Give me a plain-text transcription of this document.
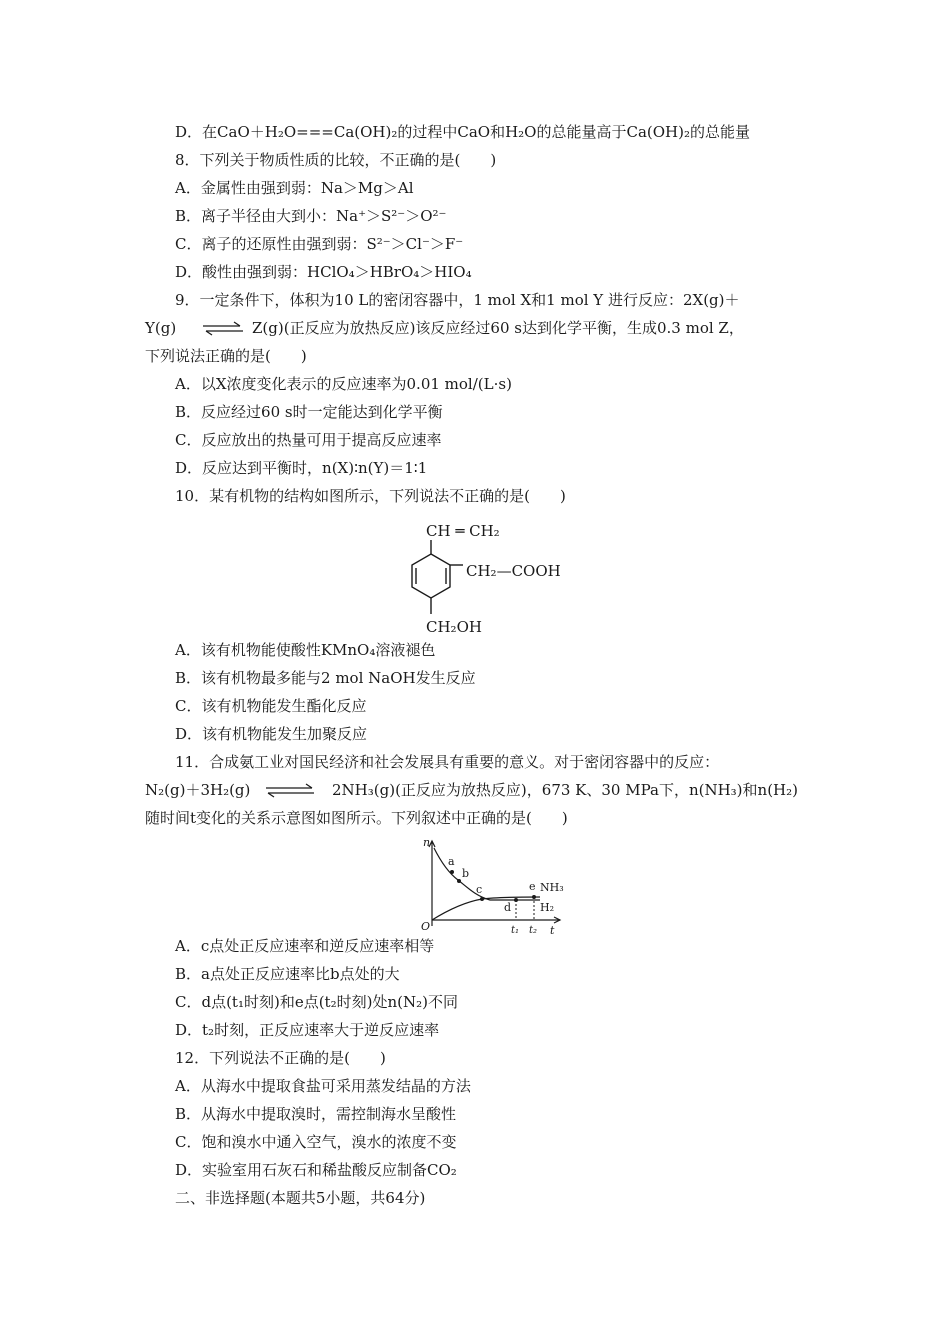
D．在CaO＋H₂O===Ca(OH)₂的过程中CaO和H₂O的总能量高于Ca(OH)₂的总能量
8．下列关于物质性质的比较，不正确的是(　　)
A．金属性由强到弱：Na＞Mg＞Al
B．离子半径由大到小：Na⁺＞S²⁻＞O²⁻
C．离子的还原性由强到弱：S²⁻＞Cl⁻＞F⁻
D．酸性由强到弱：HClO₄＞HBrO₄＞HIO₄
9．一定条件下，体积为10 L的密闭容器中，1 mol X和1 mol Y 进行反应：2X(g)＋
Y(g) ⇌ Z(g)(正反应为放热反应)该反应经过60 s达到化学平衡，生成0.3 mol Z，
下列说法正确的是(　　)
A．以X浓度变化表示的反应速率为0.01 mol/(L·s)
B．反应经过60 s时一定能达到化学平衡
C．反应放出的热量可用于提高反应速率
D．反应达到平衡时，n(X)∶n(Y)＝1∶1
10．某有机物的结构如图所示，下列说法不正确的是(　　)
CH ═ CH₂
CH₂—COOH
CH₂OH
A．该有机物能使酸性KMnO₄溶液褪色
B．该有机物最多能与2 mol NaOH发生反应
C．该有机物能发生酯化反应
D．该有机物能发生加聚反应
11．合成氨工业对国民经济和社会发展具有重要的意义。对于密闭容器中的反应：
N₂(g)＋3H₂(g) ⇌ 2NH₃(g)(正反应为放热反应)，673 K、30 MPa下，n(NH₃)和n(H₂)
随时间t变化的关系示意图如图所示。下列叙述中正确的是(　　)
n
O	t
a
b
c
d
e NH₃
H₂
t₁ t₂
A．c点处正反应速率和逆反应速率相等
B．a点处正反应速率比b点处的大
C．d点(t₁时刻)和e点(t₂时刻)处n(N₂)不同
D．t₂时刻，正反应速率大于逆反应速率
12．下列说法不正确的是(　　)
A．从海水中提取食盐可采用蒸发结晶的方法
B．从海水中提取溴时，需控制海水呈酸性
C．饱和溴水中通入空气，溴水的浓度不变
D．实验室用石灰石和稀盐酸反应制备CO₂
二、非选择题(本题共5小题，共64分)
